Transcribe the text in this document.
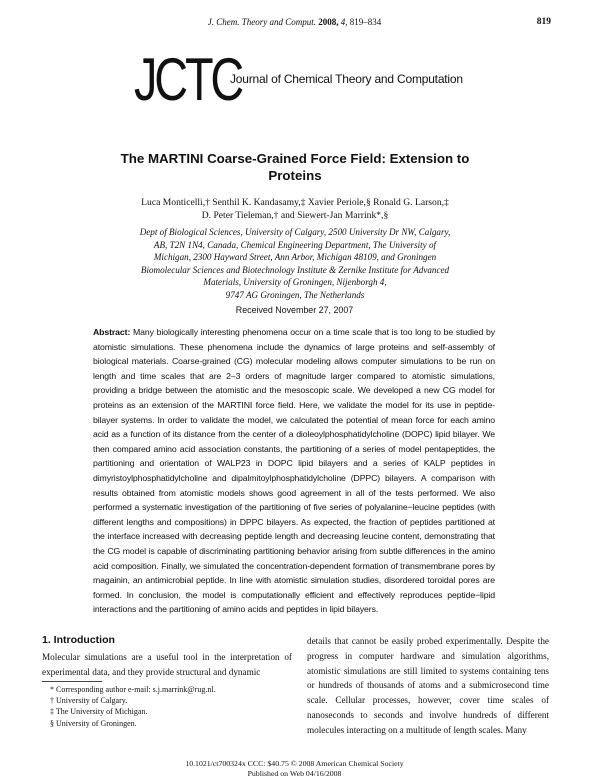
J. Chem. Theory and Comput. 2008, 4, 819–834	819
JCTC
Journal of Chemical Theory and Computation
The MARTINI Coarse-Grained Force Field: Extension to
Proteins
Luca Monticelli,† Senthil K. Kandasamy,‡ Xavier Periole,§ Ronald G. Larson,‡
D. Peter Tieleman,† and Siewert-Jan Marrink*,§
Dept of Biological Sciences, University of Calgary, 2500 University Dr NW, Calgary,
AB, T2N 1N4, Canada, Chemical Engineering Department, The University of
Michigan, 2300 Hayward Street, Ann Arbor, Michigan 48109, and Groningen
Biomolecular Sciences and Biotechnology Institute & Zernike Institute for Advanced
Materials, University of Groningen, Nijenborgh 4,
9747 AG Groningen, The Netherlands
Received November 27, 2007
Abstract: Many biologically interesting phenomena occur on a time scale that is too long to be studied by atomistic simulations. These phenomena include the dynamics of large proteins and self-assembly of biological materials. Coarse-grained (CG) molecular modeling allows computer simulations to be run on length and time scales that are 2–3 orders of magnitude larger compared to atomistic simulations, providing a bridge between the atomistic and the mesoscopic scale. We developed a new CG model for proteins as an extension of the MARTINI force field. Here, we validate the model for its use in peptide-bilayer systems. In order to validate the model, we calculated the potential of mean force for each amino acid as a function of its distance from the center of a dioleoylphosphatidylcholine (DOPC) lipid bilayer. We then compared amino acid association constants, the partitioning of a series of model pentapeptides, the partitioning and orientation of WALP23 in DOPC lipid bilayers and a series of KALP peptides in dimyristoylphosphatidylcholine and dipalmitoylphosphatidylcholine (DPPC) bilayers. A comparison with results obtained from atomistic models shows good agreement in all of the tests performed. We also performed a systematic investigation of the partitioning of five series of polyalanine−leucine peptides (with different lengths and compositions) in DPPC bilayers. As expected, the fraction of peptides partitioned at the interface increased with decreasing peptide length and decreasing leucine content, demonstrating that the CG model is capable of discriminating partitioning behavior arising from subtle differences in the amino acid composition. Finally, we simulated the concentration-dependent formation of transmembrane pores by magainin, an antimicrobial peptide. In line with atomistic simulation studies, disordered toroidal pores are formed. In conclusion, the model is computationally efficient and effectively reproduces peptide−lipid interactions and the partitioning of amino acids and peptides in lipid bilayers.
1. Introduction
Molecular simulations are a useful tool in the interpretation of experimental data, and they provide structural and dynamic
* Corresponding author e-mail: s.j.marrink@rug.nl.
† University of Calgary.
‡ The University of Michigan.
§ University of Groningen.
details that cannot be easily probed experimentally. Despite the progress in computer hardware and simulation algorithms, atomistic simulations are still limited to systems containing tens or hundreds of thousands of atoms and a submicrosecond time scale. Cellular processes, however, cover time scales of nanoseconds to seconds and involve hundreds of different molecules interacting on a multitude of length scales. Many
10.1021/ct700324x CCC: $40.75 © 2008 American Chemical Society
Published on Web 04/16/2008
